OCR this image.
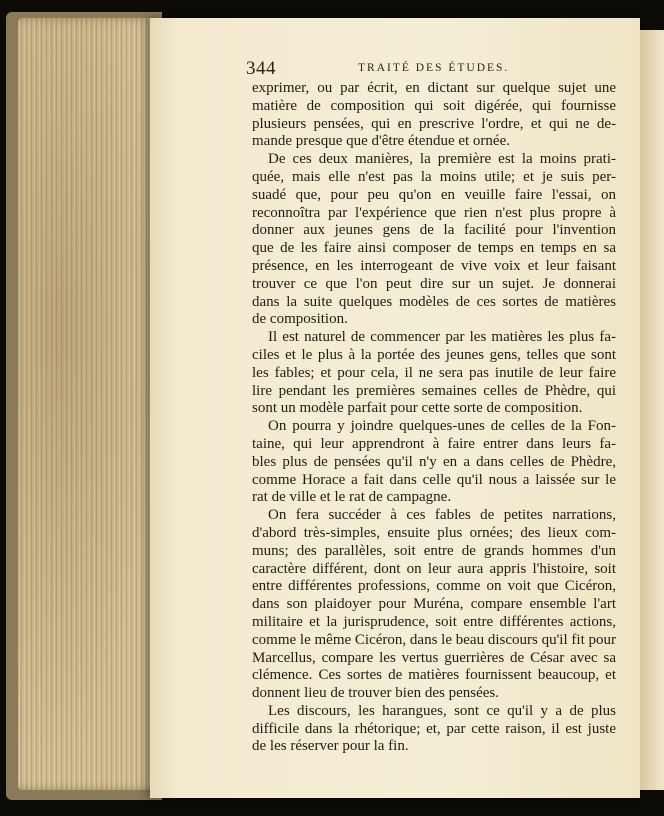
344	TRAITÉ DES ÉTUDES.
exprimer, ou par écrit, en dictant sur quelque sujet une
matière de composition qui soit digérée, qui fournisse
plusieurs pensées, qui en prescrive l'ordre, et qui ne de-
mande presque que d'être étendue et ornée.
De ces deux manières, la première est la moins prati-
quée, mais elle n'est pas la moins utile; et je suis per-
suadé que, pour peu qu'on en veuille faire l'essai, on
reconnoîtra par l'expérience que rien n'est plus propre à
donner aux jeunes gens de la facilité pour l'invention
que de les faire ainsi composer de temps en temps en sa
présence, en les interrogeant de vive voix et leur faisant
trouver ce que l'on peut dire sur un sujet. Je donnerai
dans la suite quelques modèles de ces sortes de matières
de composition.
Il est naturel de commencer par les matières les plus fa-
ciles et le plus à la portée des jeunes gens, telles que sont
les fables; et pour cela, il ne sera pas inutile de leur faire
lire pendant les premières semaines celles de Phèdre, qui
sont un modèle parfait pour cette sorte de composition.
On pourra y joindre quelques-unes de celles de la Fon-
taine, qui leur apprendront à faire entrer dans leurs fa-
bles plus de pensées qu'il n'y en a dans celles de Phèdre,
comme Horace a fait dans celle qu'il nous a laissée sur le
rat de ville et le rat de campagne.
On fera succéder à ces fables de petites narrations,
d'abord très-simples, ensuite plus ornées; des lieux com-
muns; des parallèles, soit entre de grands hommes d'un
caractère différent, dont on leur aura appris l'histoire, soit
entre différentes professions, comme on voit que Cicéron,
dans son plaidoyer pour Muréna, compare ensemble l'art
militaire et la jurisprudence, soit entre différentes actions,
comme le même Cicéron, dans le beau discours qu'il fit pour
Marcellus, compare les vertus guerrières de César avec sa
clémence. Ces sortes de matières fournissent beaucoup, et
donnent lieu de trouver bien des pensées.
Les discours, les harangues, sont ce qu'il y a de plus
difficile dans la rhétorique; et, par cette raison, il est juste
de les réserver pour la fin.
